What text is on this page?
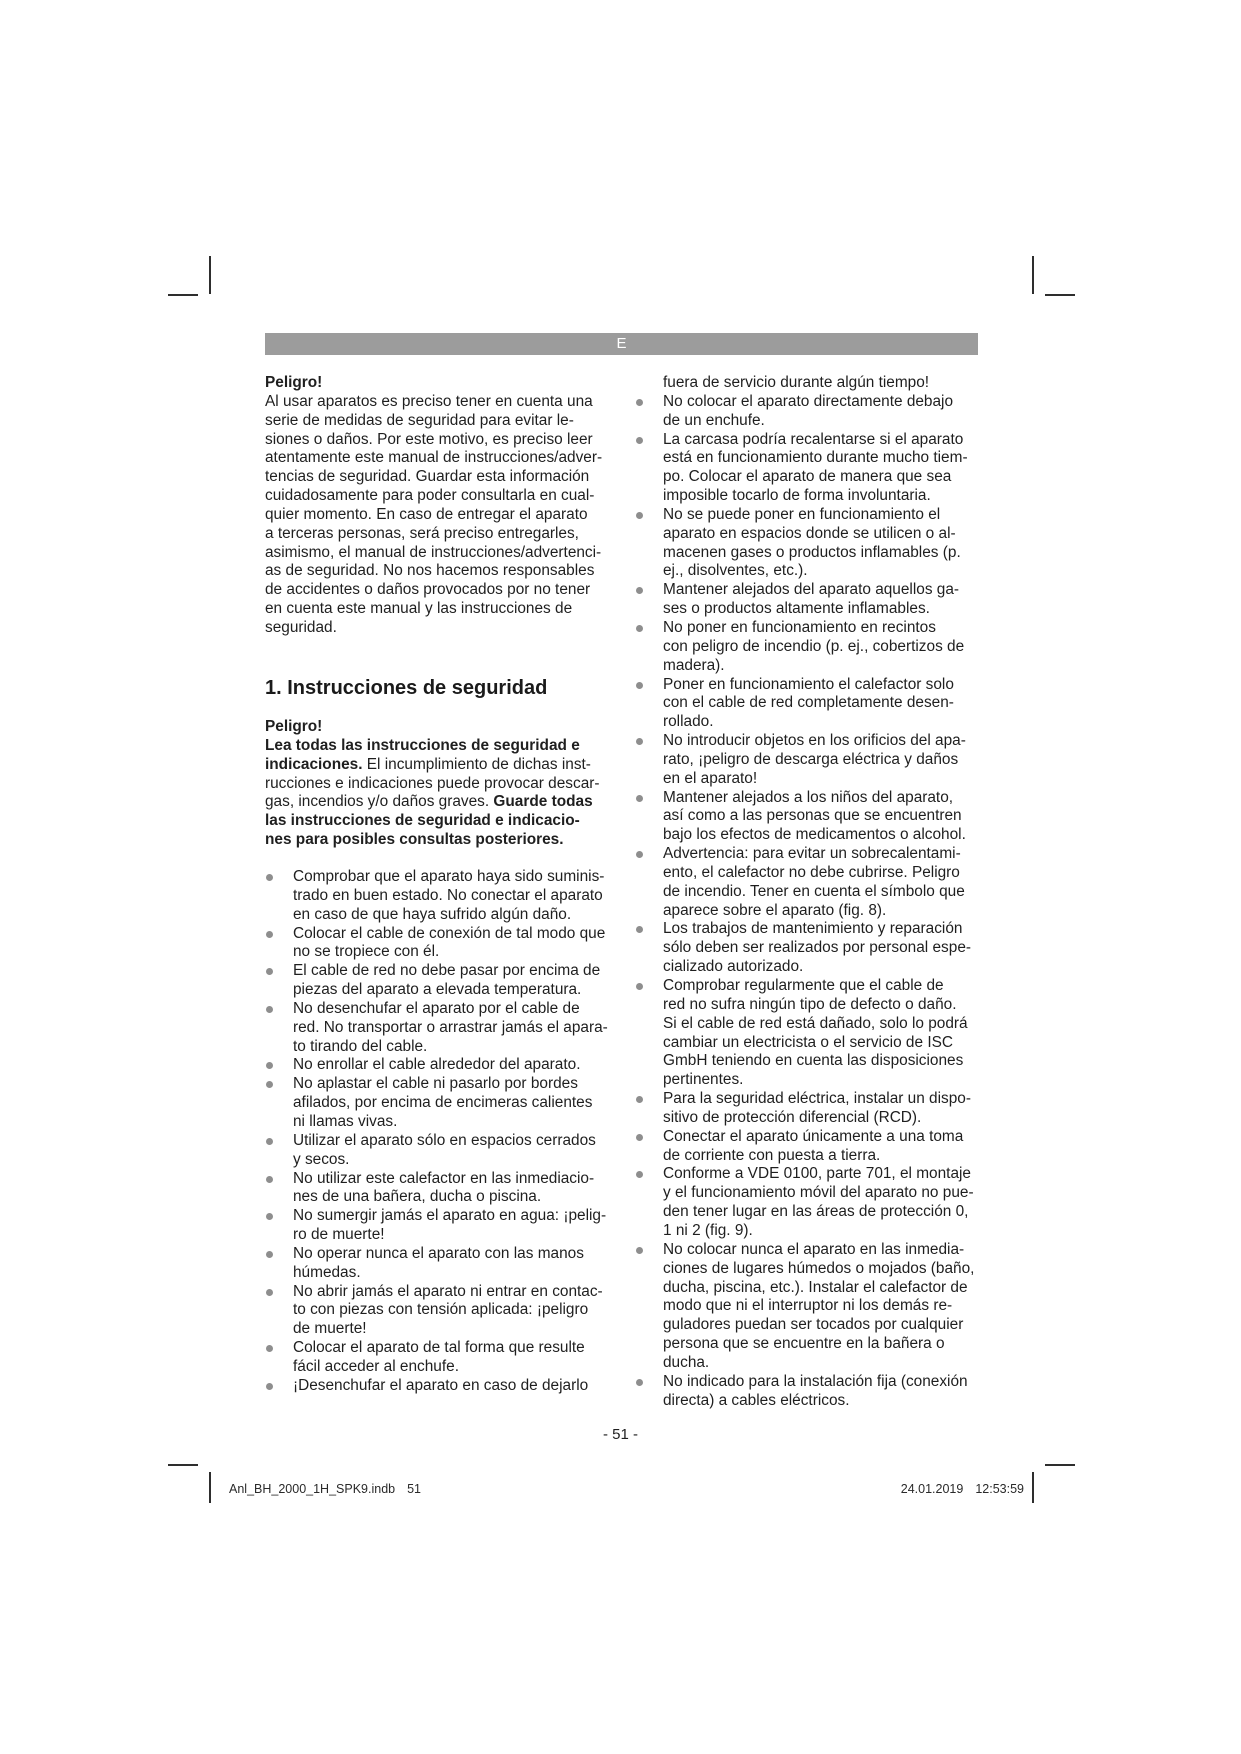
E
Peligro!
Al usar aparatos es preciso tener en cuenta una
serie de medidas de seguridad para evitar le-
siones o daños. Por este motivo, es preciso leer
atentamente este manual de instrucciones/adver-
tencias de seguridad. Guardar esta información
cuidadosamente para poder consultarla en cual-
quier momento. En caso de entregar el aparato
a terceras personas, será preciso entregarles,
asimismo, el manual de instrucciones/advertenci-
as de seguridad. No nos hacemos responsables
de accidentes o daños provocados por no tener
en cuenta este manual y las instrucciones de
seguridad.
1. Instrucciones de seguridad
Peligro!
Lea todas las instrucciones de seguridad e
indicaciones. El incumplimiento de dichas inst-
rucciones e indicaciones puede provocar descar-
gas, incendios y/o daños graves. Guarde todas
las instrucciones de seguridad e indicacio-
nes para posibles consultas posteriores.
Comprobar que el aparato haya sido suminis-
trado en buen estado. No conectar el aparato
en caso de que haya sufrido algún daño.
Colocar el cable de conexión de tal modo que
no se tropiece con él.
El cable de red no debe pasar por encima de
piezas del aparato a elevada temperatura.
No desenchufar el aparato por el cable de
red. No transportar o arrastrar jamás el apara-
to tirando del cable.
No enrollar el cable alrededor del aparato.
No aplastar el cable ni pasarlo por bordes
afilados, por encima de encimeras calientes
ni llamas vivas.
Utilizar el aparato sólo en espacios cerrados
y secos.
No utilizar este calefactor en las inmediacio-
nes de una bañera, ducha o piscina.
No sumergir jamás el aparato en agua: ¡pelig-
ro de muerte!
No operar nunca el aparato con las manos
húmedas.
No abrir jamás el aparato ni entrar en contac-
to con piezas con tensión aplicada: ¡peligro
de muerte!
Colocar el aparato de tal forma que resulte
fácil acceder al enchufe.
¡Desenchufar el aparato en caso de dejarlo
fuera de servicio durante algún tiempo!
No colocar el aparato directamente debajo
de un enchufe.
La carcasa podría recalentarse si el aparato
está en funcionamiento durante mucho tiem-
po. Colocar el aparato de manera que sea
imposible tocarlo de forma involuntaria.
No se puede poner en funcionamiento el
aparato en espacios donde se utilicen o al-
macenen gases o productos inflamables (p.
ej., disolventes, etc.).
Mantener alejados del aparato aquellos ga-
ses o productos altamente inflamables.
No poner en funcionamiento en recintos
con peligro de incendio (p. ej., cobertizos de
madera).
Poner en funcionamiento el calefactor solo
con el cable de red completamente desen-
rollado.
No introducir objetos en los orificios del apa-
rato, ¡peligro de descarga eléctrica y daños
en el aparato!
Mantener alejados a los niños del aparato,
así como a las personas que se encuentren
bajo los efectos de medicamentos o alcohol.
Advertencia: para evitar un sobrecalentami-
ento, el calefactor no debe cubrirse. Peligro
de incendio. Tener en cuenta el símbolo que
aparece sobre el aparato (fig. 8).
Los trabajos de mantenimiento y reparación
sólo deben ser realizados por personal espe-
cializado autorizado.
Comprobar regularmente que el cable de
red no sufra ningún tipo de defecto o daño.
Si el cable de red está dañado, solo lo podrá
cambiar un electricista o el servicio de ISC
GmbH teniendo en cuenta las disposiciones
pertinentes.
Para la seguridad eléctrica, instalar un dispo-
sitivo de protección diferencial (RCD).
Conectar el aparato únicamente a una toma
de corriente con puesta a tierra.
Conforme a VDE 0100, parte 701, el montaje
y el funcionamiento móvil del aparato no pue-
den tener lugar en las áreas de protección 0,
1 ni 2 (fig. 9).
No colocar nunca el aparato en las inmedia-
ciones de lugares húmedos o mojados (baño,
ducha, piscina, etc.). Instalar el calefactor de
modo que ni el interruptor ni los demás re-
guladores puedan ser tocados por cualquier
persona que se encuentre en la bañera o
ducha.
No indicado para la instalación fija (conexión
directa) a cables eléctricos.
- 51 -
Anl_BH_2000_1H_SPK9.indb 51	24.01.2019 12:53:59
